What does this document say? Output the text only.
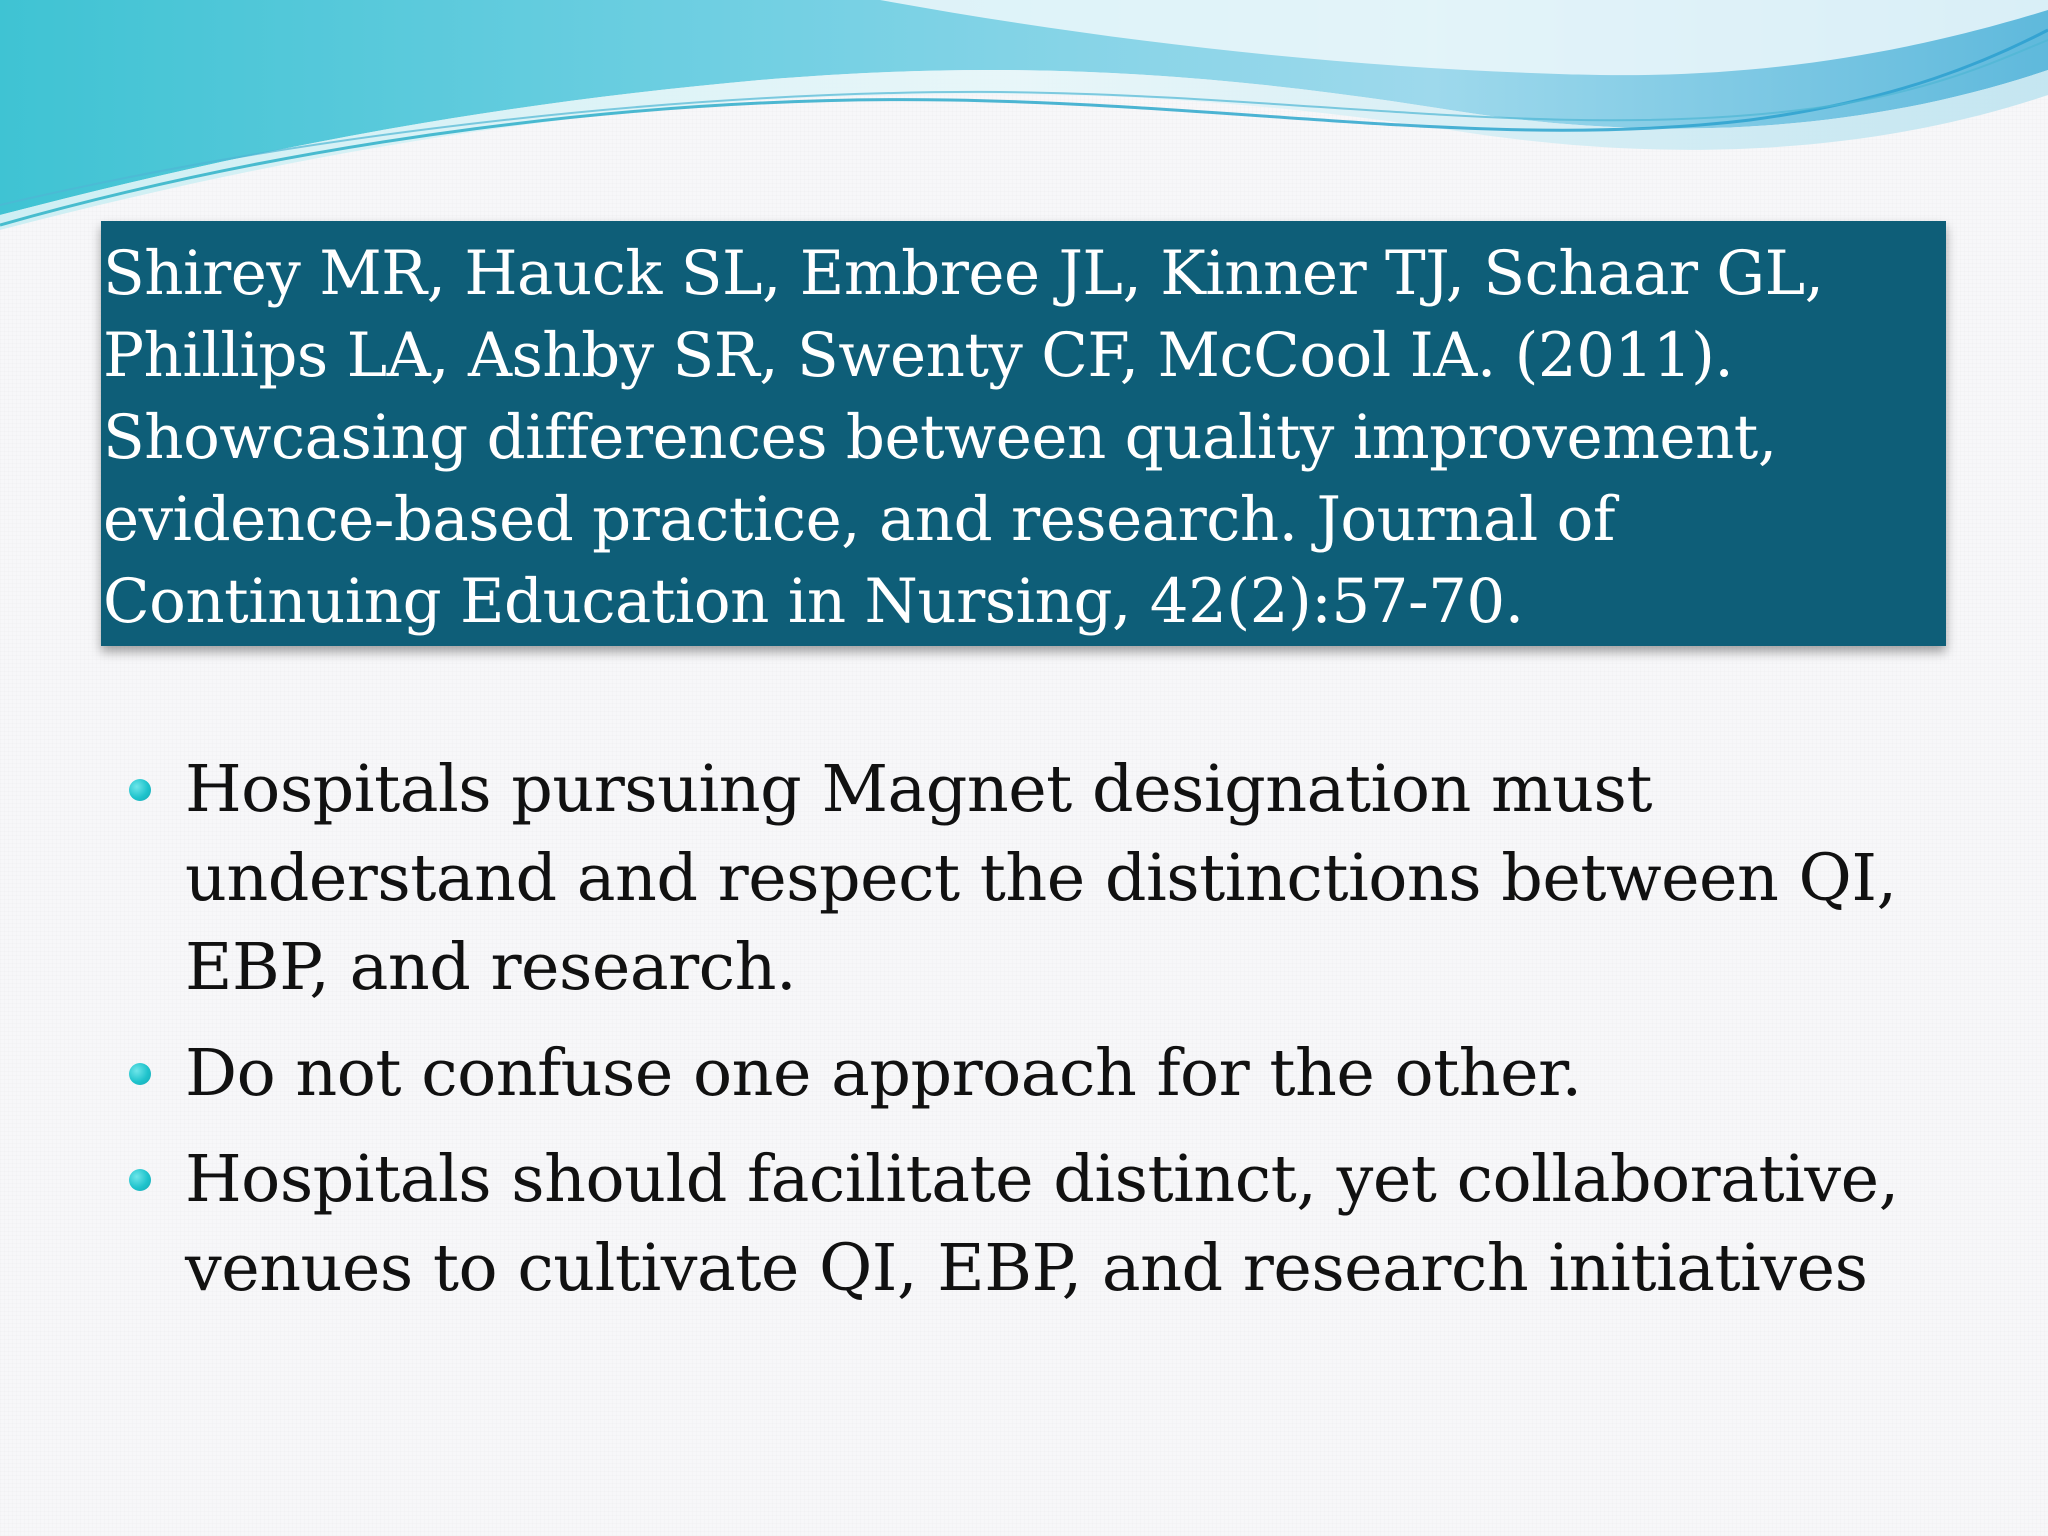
Shirey MR, Hauck SL, Embree JL, Kinner TJ, Schaar GL, Phillips LA, Ashby SR, Swenty CF, McCool IA. (2011). Showcasing differences between quality improvement, evidence-based practice, and research. Journal of Continuing Education in Nursing, 42(2):57-70.

Hospitals pursuing Magnet designation must understand and respect the distinctions between QI, EBP, and research.
Do not confuse one approach for the other.
Hospitals should facilitate distinct, yet collaborative, venues to cultivate QI, EBP, and research initiatives
